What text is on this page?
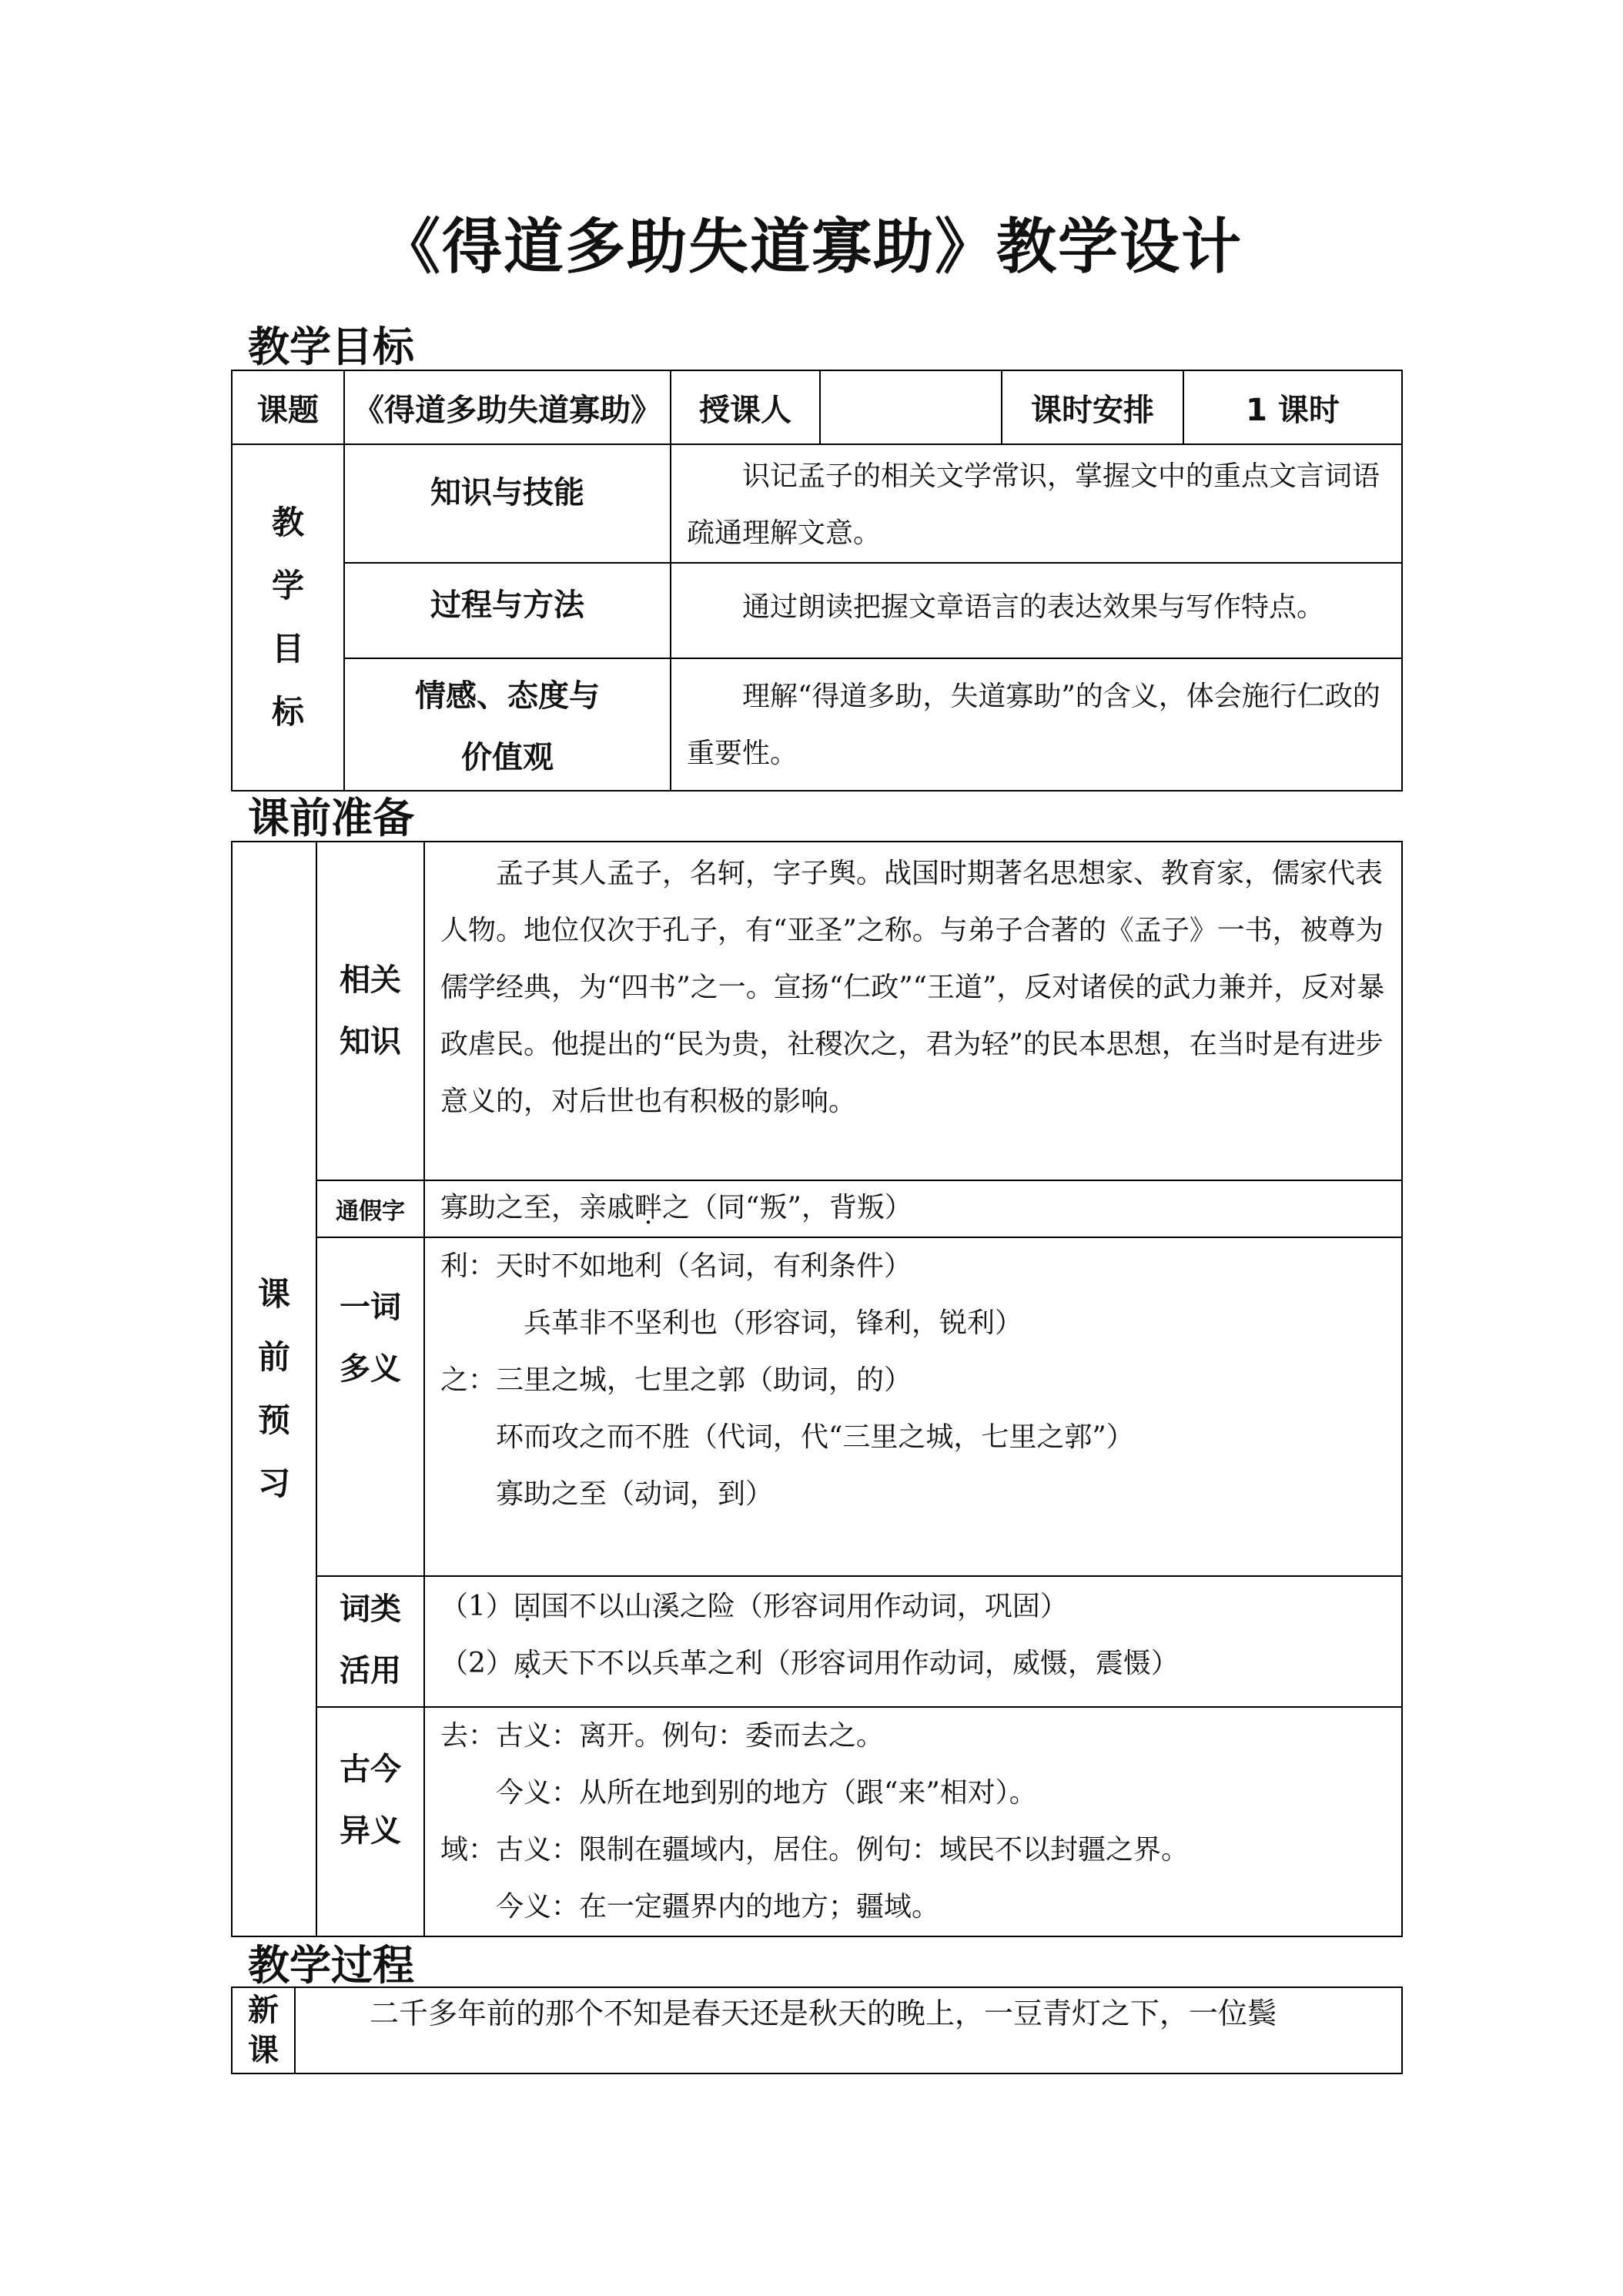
《得道多助失道寡助》教学设计
教学目标
课题	《得道多助失道寡助》	授课人		课时安排	1 课时

教
学
目
标	知识与技能	识记孟子的相关文学常识，掌握文中的重点文言词语疏通理解文意。			
	过程与方法	通过朗读把握文章语言的表达效果与写作特点。			

	情感、态度与
价值观	理解“得道多助，失道寡助”的含义，体会施行仁政的重要性。			
课前准备
课
前
预
习	相关
知识	孟子其人孟子，名轲，字子舆。战国时期著名思想家、教育家，儒家代表人物。地位仅次于孔子，有“亚圣”之称。与弟子合著的《孟子》一书，被尊为儒学经典，为“四书”之一。宣扬“仁政”“王道”，反对诸侯的武力兼并，反对暴政虐民。他提出的“民为贵，社稷次之，君为轻”的民本思想，在当时是有进步意义的，对后世也有积极的影响。
	通假字	寡助之至，亲戚畔之（同“叛”，背叛）

	一词
多义	利：天时不如地利（名词，有利条件）
兵革非不坚利也（形容词，锋利，锐利）
之：三里之城，七里之郭（助词，的）
环而攻之而不胜（代词，代“三里之城，七里之郭”）
寡助之至（动词，到）

	词类
活用	（1）固国不以山溪之险（形容词用作动词，巩固）
（2）威天下不以兵革之利（形容词用作动词，威慑，震慑）

	古今
异义	去：古义：离开。例句：委而去之。
今义：从所在地到别的地方（跟“来”相对）。
域：古义：限制在疆域内，居住。例句：域民不以封疆之界。
今义：在一定疆界内的地方；疆域。
教学过程
新
课
	二千多年前的那个不知是春天还是秋天的晚上，一豆青灯之下，一位鬓
